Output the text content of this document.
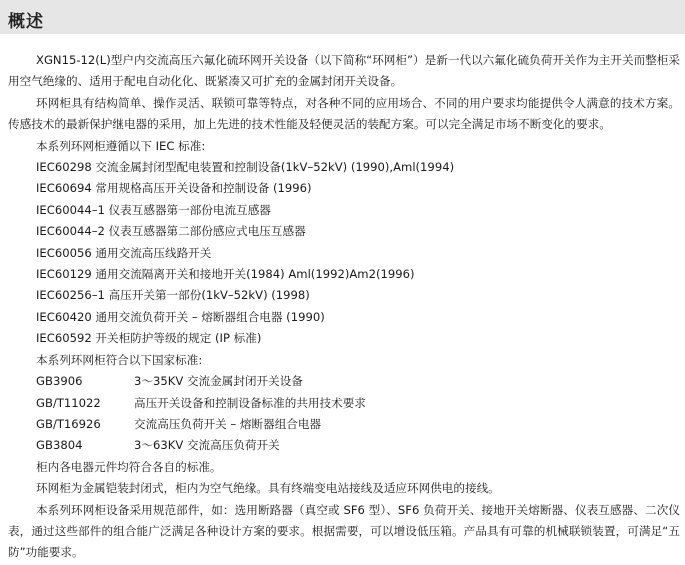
概述

XGN15-12(L)型户内交流高压六氟化硫环网开关设备（以下简称“环网柜”）是新一代以六氟化硫负荷开关作为主开关而整柜采用空气绝缘的、适用于配电自动化化、既紧凑又可扩充的金属封闭开关设备。

环网柜具有结构简单、操作灵活、联锁可靠等特点，对各种不同的应用场合、不同的用户要求均能提供令人满意的技术方案。传感技术的最新保护继电器的采用，加上先进的技术性能及轻便灵活的装配方案。可以完全满足市场不断变化的要求。

本系列环网柜遵循以下 IEC 标准:

IEC60298 交流金属封闭型配电装置和控制设备(1kV–52kV) (1990),Aml(1994)

IEC60694 常用规格高压开关设备和控制设备 (1996)

IEC60044–1 仪表互感器第一部份电流互感器

IEC60044–2 仪表互感器第二部份感应式电压互感器

IEC60056 通用交流高压线路开关

IEC60129 通用交流隔离开关和接地开关(1984) Aml(1992)Am2(1996)

IEC60256–1 高压开关第一部份(1kV–52kV) (1998)

IEC60420 通用交流负荷开关 – 熔断器组合电器 (1990)

IEC60592 开关柜防护等级的规定 (IP 标准)

本系列环网柜符合以下国家标准:

GB3906	3～35KV 交流金属封闭开关设备
GB/T11022	高压开关设备和控制设备标准的共用技术要求
GB/T16926	交流高压负荷开关 – 熔断器组合电器
GB3804	3～63KV 交流高压负荷开关

柜内各电器元件均符合各自的标准。

环网柜为金属铠装封闭式，柜内为空气绝缘。具有终端变电站接线及适应环网供电的接线。

本系列环网柜设备采用规范部件，如：选用断路器（真空或 SF6 型）、SF6 负荷开关、接地开关熔断器、仪表互感器、二次仪表，通过这些部件的组合能广泛满足各种设计方案的要求。根据需要，可以增设低压箱。产品具有可靠的机械联锁装置，可满足“五防”功能要求。
